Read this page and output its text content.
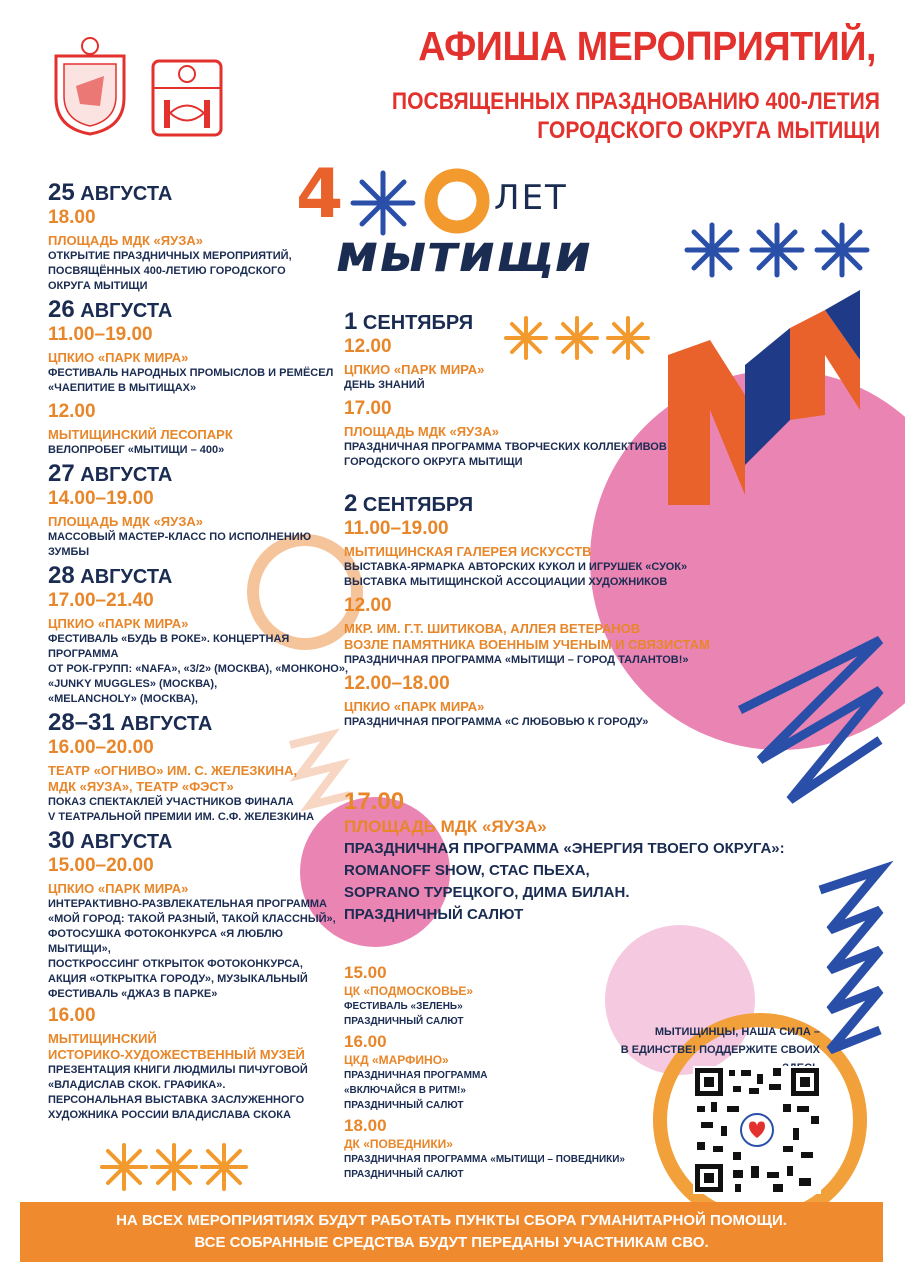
АФИША МЕРОПРИЯТИЙ,
ПОСВЯЩЕННЫХ ПРАЗДНОВАНИЮ 400-ЛЕТИЯ
ГОРОДСКОГО ОКРУГА МЫТИЩИ
4	ЛЕТ
мытищи
25 АВГУСТА
18.00
ПЛОЩАДЬ МДК «ЯУЗА»
ОТКРЫТИЕ ПРАЗДНИЧНЫХ МЕРОПРИЯТИЙ,
ПОСВЯЩЁННЫХ 400-ЛЕТИЮ ГОРОДСКОГО
ОКРУГА МЫТИЩИ
26 АВГУСТА
11.00–19.00
ЦПКИО «ПАРК МИРА»
ФЕСТИВАЛЬ НАРОДНЫХ ПРОМЫСЛОВ И РЕМЁСЕЛ
«ЧАЕПИТИЕ В МЫТИЩАХ»
12.00
МЫТИЩИНСКИЙ ЛЕСОПАРК
ВЕЛОПРОБЕГ «МЫТИЩИ – 400»
27 АВГУСТА
14.00–19.00
ПЛОЩАДЬ МДК «ЯУЗА»
МАССОВЫЙ МАСТЕР-КЛАСС ПО ИСПОЛНЕНИЮ ЗУМБЫ
28 АВГУСТА
17.00–21.40
ЦПКИО «ПАРК МИРА»
ФЕСТИВАЛЬ «БУДЬ В РОКЕ». КОНЦЕРТНАЯ ПРОГРАММА
ОТ РОК-ГРУПП: «NAFA», «3/2» (МОСКВА), «МОНКОНО»,
«JUNKY MUGGLES» (МОСКВА),
«MELANCHOLY» (МОСКВА),
28–31 АВГУСТА
16.00–20.00
ТЕАТР «ОГНИВО» ИМ. С. ЖЕЛЕЗКИНА,
МДК «ЯУЗА», ТЕАТР «ФЭСТ»
ПОКАЗ СПЕКТАКЛЕЙ УЧАСТНИКОВ ФИНАЛА
V ТЕАТРАЛЬНОЙ ПРЕМИИ ИМ. С.Ф. ЖЕЛЕЗКИНА
30 АВГУСТА
15.00–20.00
ЦПКИО «ПАРК МИРА»
ИНТЕРАКТИВНО-РАЗВЛЕКАТЕЛЬНАЯ ПРОГРАММА
«МОЙ ГОРОД: ТАКОЙ РАЗНЫЙ, ТАКОЙ КЛАССНЫЙ»,
ФОТОСУШКА ФОТОКОНКУРСА «Я ЛЮБЛЮ МЫТИЩИ»,
ПОСТКРОССИНГ ОТКРЫТОК ФОТОКОНКУРСА,
АКЦИЯ «ОТКРЫТКА ГОРОДУ», МУЗЫКАЛЬНЫЙ
ФЕСТИВАЛЬ «ДЖАЗ В ПАРКЕ»
16.00
МЫТИЩИНСКИЙ
ИСТОРИКО-ХУДОЖЕСТВЕННЫЙ МУЗЕЙ
ПРЕЗЕНТАЦИЯ КНИГИ ЛЮДМИЛЫ ПИЧУГОВОЙ
«ВЛАДИСЛАВ СКОК. ГРАФИКА».
ПЕРСОНАЛЬНАЯ ВЫСТАВКА ЗАСЛУЖЕННОГО
ХУДОЖНИКА РОССИИ ВЛАДИСЛАВА СКОКА
1 СЕНТЯБРЯ
12.00
ЦПКИО «ПАРК МИРА»
ДЕНЬ ЗНАНИЙ
17.00
ПЛОЩАДЬ МДК «ЯУЗА»
ПРАЗДНИЧНАЯ ПРОГРАММА ТВОРЧЕСКИХ КОЛЛЕКТИВОВ
ГОРОДСКОГО ОКРУГА МЫТИЩИ
2 СЕНТЯБРЯ
11.00–19.00
МЫТИЩИНСКАЯ ГАЛЕРЕЯ ИСКУССТВ
ВЫСТАВКА-ЯРМАРКА АВТОРСКИХ КУКОЛ И ИГРУШЕК «СУОК»
ВЫСТАВКА МЫТИЩИНСКОЙ АССОЦИАЦИИ ХУДОЖНИКОВ
12.00
МКР. ИМ. Г.Т. ШИТИКОВА, АЛЛЕЯ ВЕТЕРАНОВ
ВОЗЛЕ ПАМЯТНИКА ВОЕННЫМ УЧЕНЫМ И СВЯЗИСТАМ
ПРАЗДНИЧНАЯ ПРОГРАММА «МЫТИЩИ – ГОРОД ТАЛАНТОВ!»
12.00–18.00
ЦПКИО «ПАРК МИРА»
ПРАЗДНИЧНАЯ ПРОГРАММА «С ЛЮБОВЬЮ К ГОРОДУ»
17.00
ПЛОЩАДЬ МДК «ЯУЗА»
ПРАЗДНИЧНАЯ ПРОГРАММА «ЭНЕРГИЯ ТВОЕГО ОКРУГА»:
ROMANOFF SHOW, СТАС ПЬЕХА,
SOPRANO ТУРЕЦКОГО, ДИМА БИЛАН.
ПРАЗДНИЧНЫЙ САЛЮТ
15.00
ЦК «ПОДМОСКОВЬЕ»
ФЕСТИВАЛЬ «ЗЕЛЕНЬ»
ПРАЗДНИЧНЫЙ САЛЮТ
16.00
ЦКД «МАРФИНО»
ПРАЗДНИЧНАЯ ПРОГРАММА
«ВКЛЮЧАЙСЯ В РИТМ!»
ПРАЗДНИЧНЫЙ САЛЮТ
18.00
ДК «ПОВЕДНИКИ»
ПРАЗДНИЧНАЯ ПРОГРАММА «МЫТИЩИ – ПОВЕДНИКИ»
ПРАЗДНИЧНЫЙ САЛЮТ
МЫТИЩИНЦЫ, НАША СИЛА –
В ЕДИНСТВЕ! ПОДДЕРЖИТЕ СВОИХ
НА ВСЕХ МЕРОПРИЯТИЯХ БУДУТ РАБОТАТЬ ПУНКТЫ СБОРА ГУМАНИТАРНОЙ ПОМОЩИ.
ВСЕ СОБРАННЫЕ СРЕДСТВА БУДУТ ПЕРЕДАНЫ УЧАСТНИКАМ СВО.
